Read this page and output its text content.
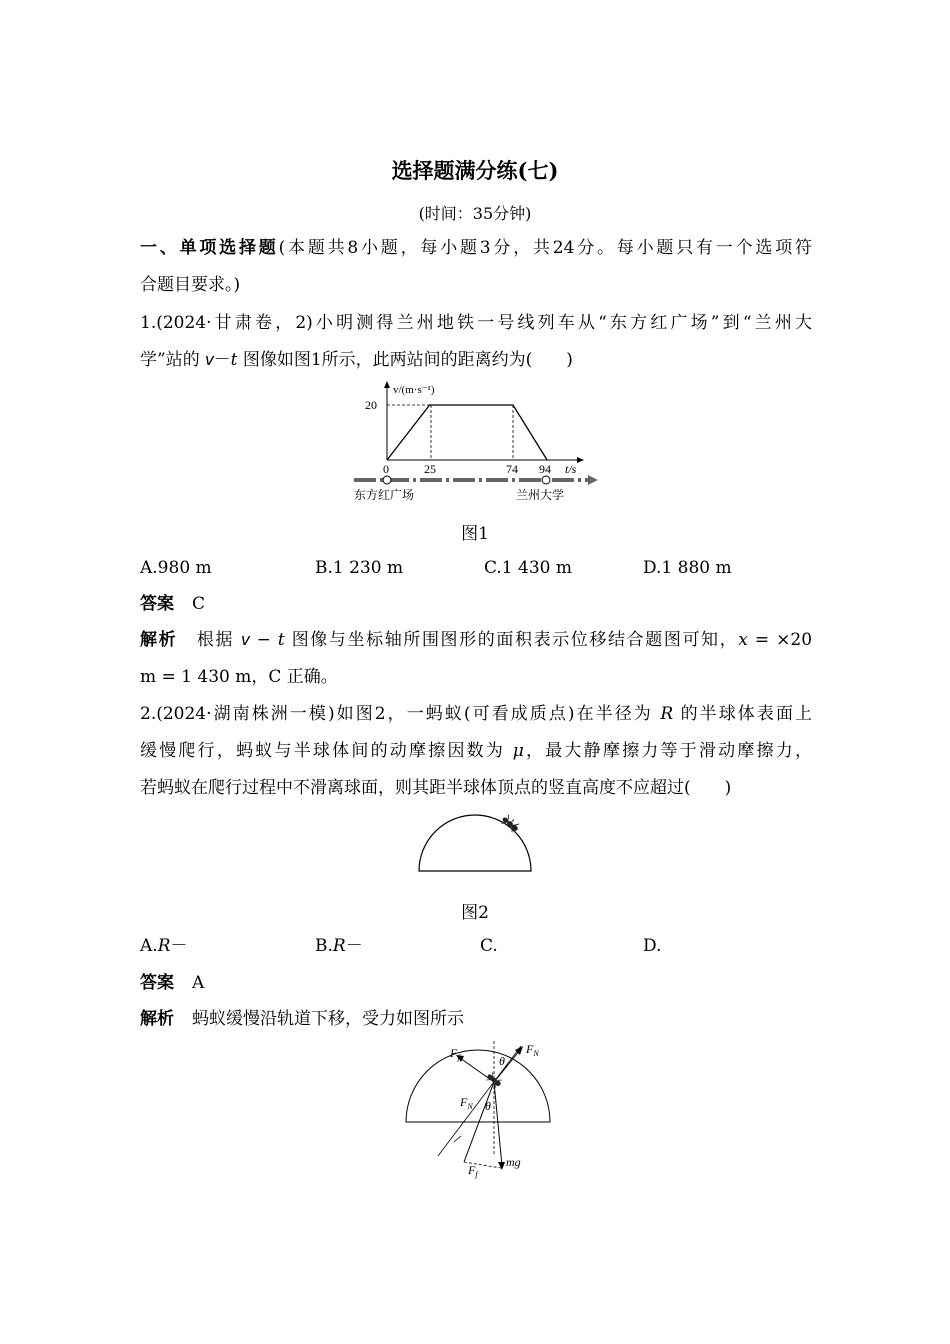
选择题满分练(七)
(时间：35分钟)
一、单项选择题(本题共8小题，每小题3分，共24分。每小题只有一个选项符
合题目要求。)
1.(2024·甘肃卷，2)小明测得兰州地铁一号线列车从“东方红广场”到“兰州大
学”站的 v－t 图像如图1所示，此两站间的距离约为(　　)
v/(m·s⁻¹)
20
0	25	74 94 t/s
东方红广场	兰州大学
图1
A.980 m	B.1 230 m	C.1 430 m	D.1 880 m
答案 C
解析 根据 v − t 图像与坐标轴所围图形的面积表示位移结合题图可知，x = ×20
m = 1 430 m，C 正确。
2.(2024·湖南株洲一模)如图2，一蚂蚁(可看成质点)在半径为 R 的半球体表面上
缓慢爬行，蚂蚁与半球体间的动摩擦因数为 μ，最大静摩擦力等于滑动摩擦力，
若蚂蚁在爬行过程中不滑离球面，则其距半球体顶点的竖直高度不应超过(　　)
图2
A.R－	B.R－	C.	D.
答案 A
解析 蚂蚁缓慢沿轨道下移，受力如图所示
$F_f$
$F_N$
θ
$F_N$ θ
mg
$F_f$
